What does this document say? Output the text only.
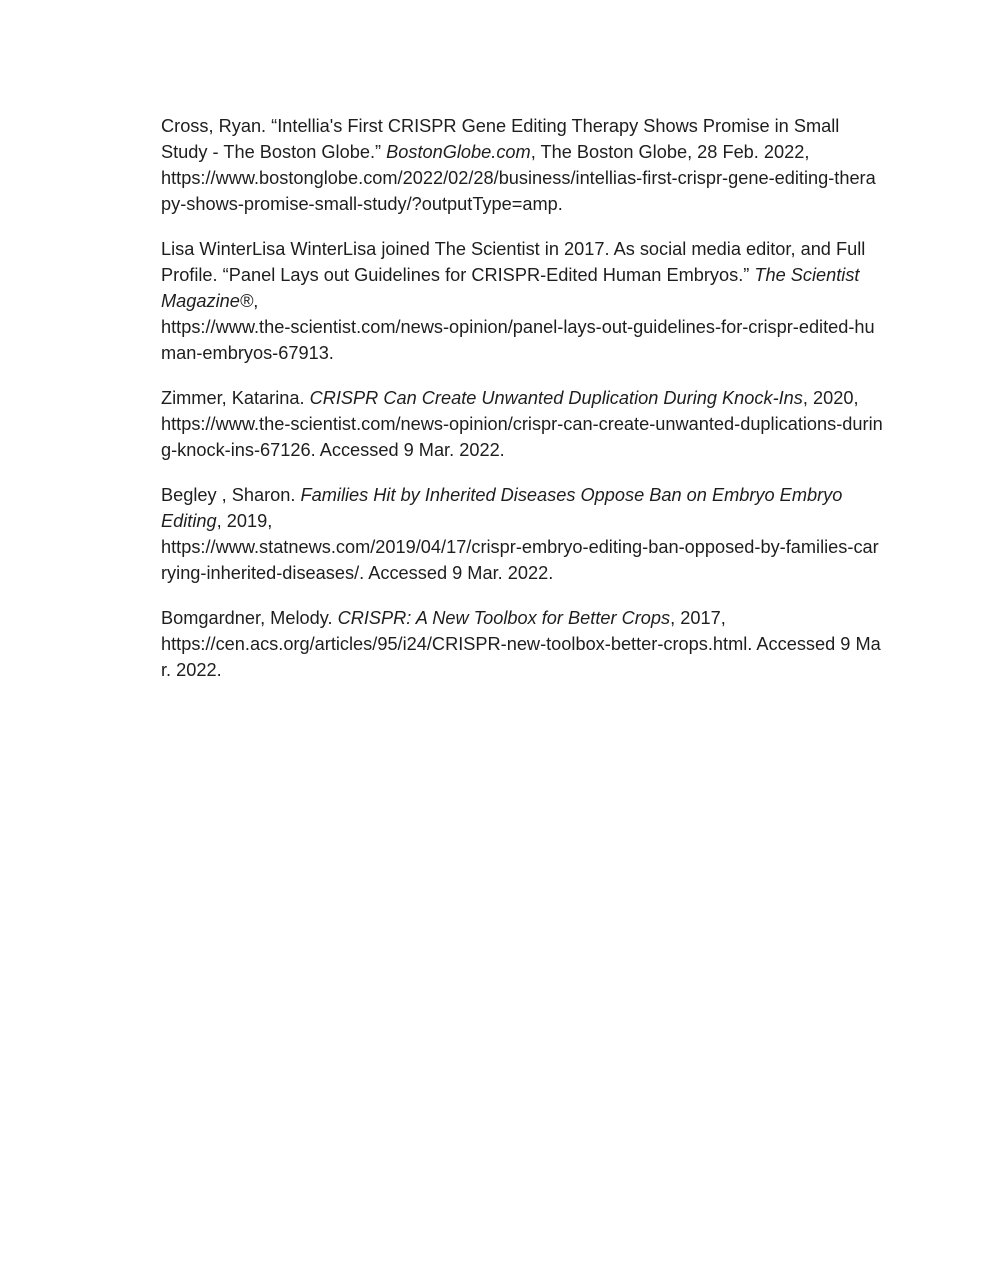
Cross, Ryan. “Intellia's First CRISPR Gene Editing Therapy Shows Promise in Small Study - The Boston Globe.” BostonGlobe.com, The Boston Globe, 28 Feb. 2022,
https://www.bostonglobe.com/2022/02/28/business/intellias-first-crispr-gene-editing-therapy-shows-promise-small-study/?outputType=amp.

Lisa WinterLisa WinterLisa joined The Scientist in 2017. As social media editor, and Full Profile. “Panel Lays out Guidelines for CRISPR-Edited Human Embryos.” The Scientist Magazine®,
https://www.the-scientist.com/news-opinion/panel-lays-out-guidelines-for-crispr-edited-human-embryos-67913.

Zimmer, Katarina. CRISPR Can Create Unwanted Duplication During Knock-Ins, 2020,
https://www.the-scientist.com/news-opinion/crispr-can-create-unwanted-duplications-during-knock-ins-67126. Accessed 9 Mar. 2022.

Begley , Sharon. Families Hit by Inherited Diseases Oppose Ban on Embryo Embryo Editing, 2019,
https://www.statnews.com/2019/04/17/crispr-embryo-editing-ban-opposed-by-families-carrying-inherited-diseases/. Accessed 9 Mar. 2022.

Bomgardner, Melody. CRISPR: A New Toolbox for Better Crops, 2017,
https://cen.acs.org/articles/95/i24/CRISPR-new-toolbox-better-crops.html. Accessed 9 Mar. 2022.
